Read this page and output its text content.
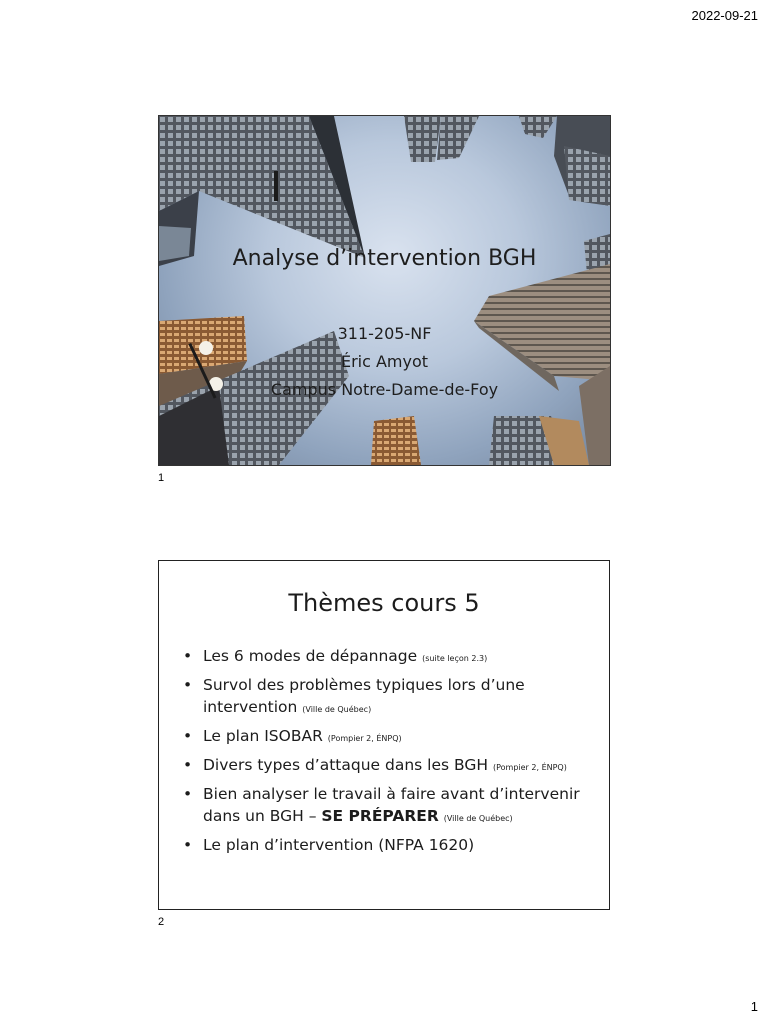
2022-09-21
Analyse d’intervention BGH
311-205-NF
Éric Amyot
Campus Notre-Dame-de-Foy
1
Thèmes cours 5
• Les 6 modes de dépannage (suite leçon 2.3)
• Survol des problèmes typiques lors d’une intervention (Ville de Québec)
• Le plan ISOBAR (Pompier 2, ÉNPQ)
• Divers types d’attaque dans les BGH (Pompier 2, ÉNPQ)
• Bien analyser le travail à faire avant d’intervenir dans un BGH – SE PRÉPARER (Ville de Québec)
• Le plan d’intervention (NFPA 1620)
2
1
